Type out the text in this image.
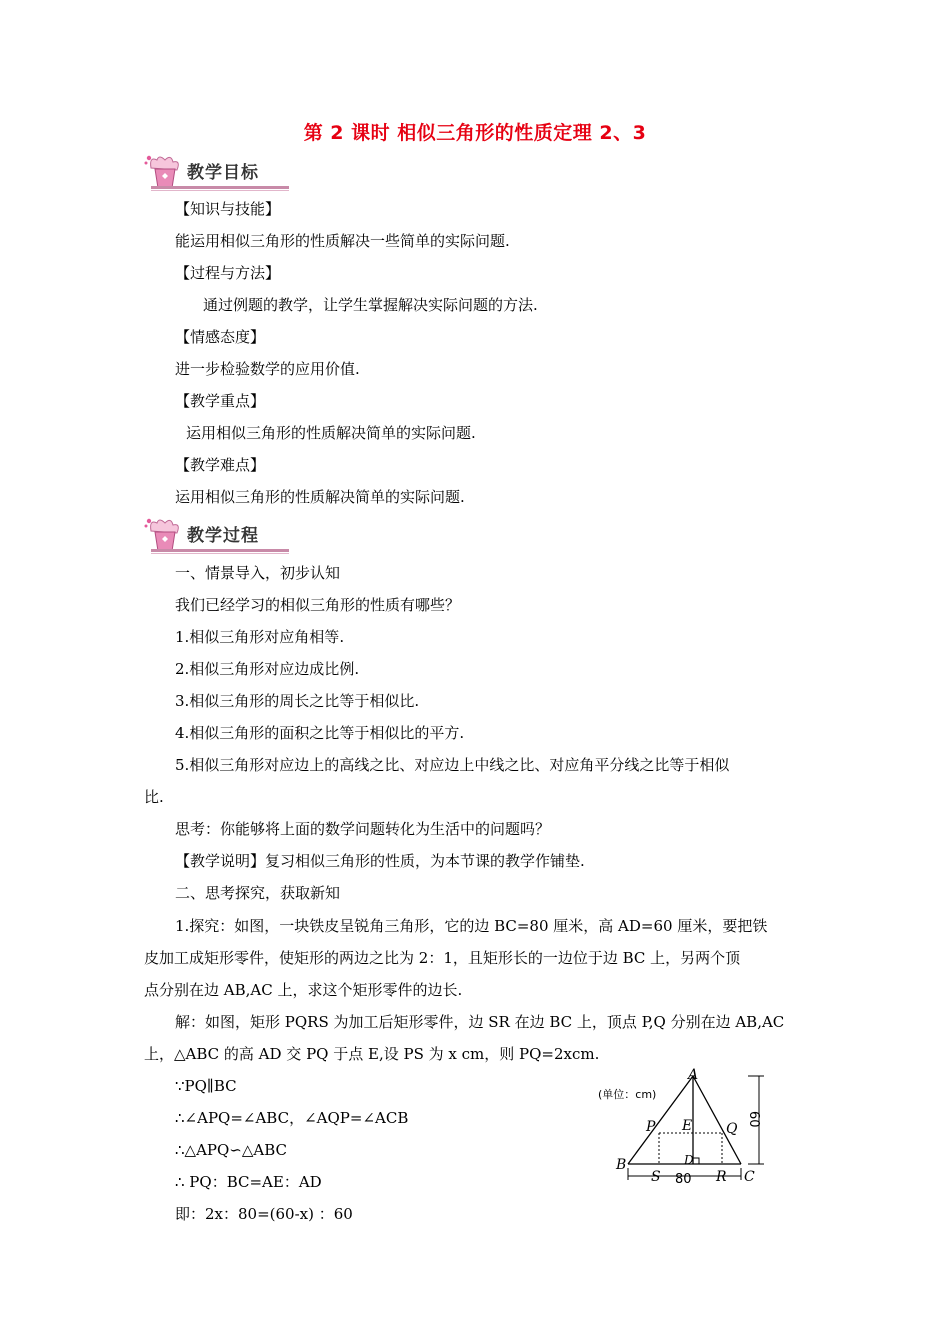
第 2 课时 相似三角形的性质定理 2、3
教学目标
【知识与技能】
能运用相似三角形的性质解决一些简单的实际问题.
【过程与方法】
通过例题的教学，让学生掌握解决实际问题的方法.
【情感态度】
进一步检验数学的应用价值.
【教学重点】
运用相似三角形的性质解决简单的实际问题.
【教学难点】
运用相似三角形的性质解决简单的实际问题.
教学过程
一、情景导入，初步认知
我们已经学习的相似三角形的性质有哪些？
1.相似三角形对应角相等.
2.相似三角形对应边成比例.
3.相似三角形的周长之比等于相似比.
4.相似三角形的面积之比等于相似比的平方.
5.相似三角形对应边上的高线之比、对应边上中线之比、对应角平分线之比等于相似
比.
思考：你能够将上面的数学问题转化为生活中的问题吗？
【教学说明】复习相似三角形的性质，为本节课的教学作铺垫.
二、思考探究，获取新知
1.探究：如图，一块铁皮呈锐角三角形，它的边 BC=80 厘米，高 AD=60 厘米，要把铁
皮加工成矩形零件，使矩形的两边之比为 2：1，且矩形长的一边位于边 BC 上，另两个顶
点分别在边 AB,AC 上，求这个矩形零件的边长.
解：如图，矩形 PQRS 为加工后矩形零件，边 SR 在边 BC 上，顶点 P,Q 分别在边 AB,AC
上，△ABC 的高 AD 交 PQ 于点 E,设 PS 为 x cm，则 PQ=2xcm.
∵PQ∥BC
∴∠APQ=∠ABC，∠AQP=∠ACB
∴△APQ∽△ABC
∴ PQ：BC=AE：AD
即：2x：80=(60-x) ：60
A
B
C
D
E
P	Q
S	R
(单位：cm)
80
60
